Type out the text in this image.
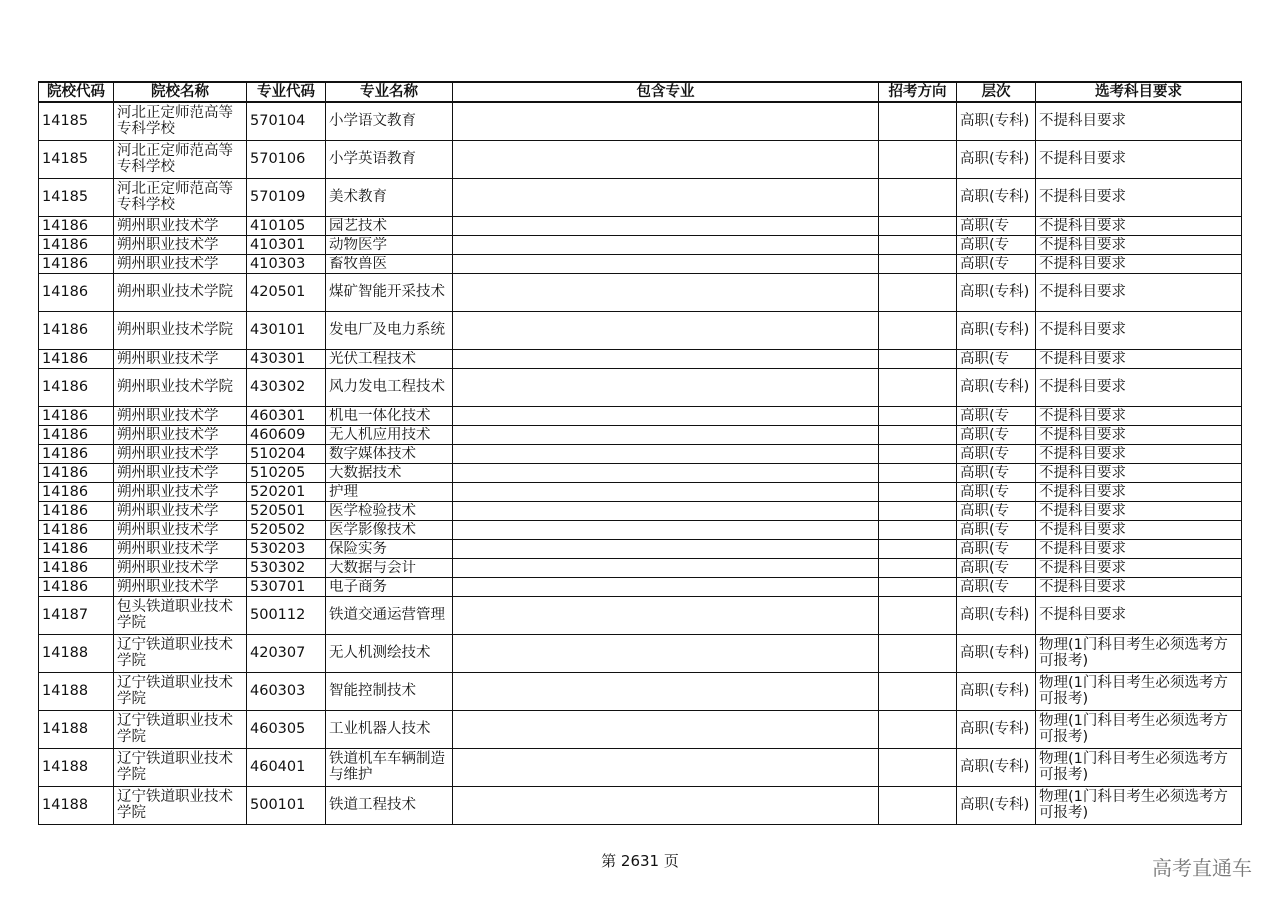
院校代码	院校名称	专业代码	专业名称	包含专业	招考方向	层次	选考科目要求
14185	河北正定师范高等专科学校	570104	小学语文教育			高职(专科)	不提科目要求
14185	河北正定师范高等专科学校	570106	小学英语教育			高职(专科)	不提科目要求
14185	河北正定师范高等专科学校	570109	美术教育			高职(专科)	不提科目要求
14186	朔州职业技术学	410105	园艺技术			高职(专	不提科目要求

14186	朔州职业技术学	410301	动物医学			高职(专	不提科目要求

14186	朔州职业技术学	410303	畜牧兽医			高职(专	不提科目要求

14186	朔州职业技术学院	420501	煤矿智能开采技术			高职(专科)	不提科目要求
14186	朔州职业技术学院	430101	发电厂及电力系统			高职(专科)	不提科目要求
14186	朔州职业技术学	430301	光伏工程技术			高职(专	不提科目要求

14186	朔州职业技术学院	430302	风力发电工程技术			高职(专科)	不提科目要求
14186	朔州职业技术学	460301	机电一体化技术			高职(专	不提科目要求

14186	朔州职业技术学	460609	无人机应用技术			高职(专	不提科目要求

14186	朔州职业技术学	510204	数字媒体技术			高职(专	不提科目要求

14186	朔州职业技术学	510205	大数据技术			高职(专	不提科目要求

14186	朔州职业技术学	520201	护理			高职(专	不提科目要求

14186	朔州职业技术学	520501	医学检验技术			高职(专	不提科目要求

14186	朔州职业技术学	520502	医学影像技术			高职(专	不提科目要求

14186	朔州职业技术学	530203	保险实务			高职(专	不提科目要求

14186	朔州职业技术学	530302	大数据与会计			高职(专	不提科目要求

14186	朔州职业技术学	530701	电子商务			高职(专	不提科目要求

14187	包头铁道职业技术学院	500112	铁道交通运营管理			高职(专科)	不提科目要求
14188	辽宁铁道职业技术学院	420307	无人机测绘技术			高职(专科)	物理(1门科目考生必须选考方可报考)
14188	辽宁铁道职业技术学院	460303	智能控制技术			高职(专科)	物理(1门科目考生必须选考方可报考)
14188	辽宁铁道职业技术学院	460305	工业机器人技术			高职(专科)	物理(1门科目考生必须选考方可报考)
14188	辽宁铁道职业技术学院	460401	铁道机车车辆制造与维护			高职(专科)	物理(1门科目考生必须选考方可报考)
14188	辽宁铁道职业技术学院	500101	铁道工程技术			高职(专科)	物理(1门科目考生必须选考方可报考)
第 2631 页	高考直通车
